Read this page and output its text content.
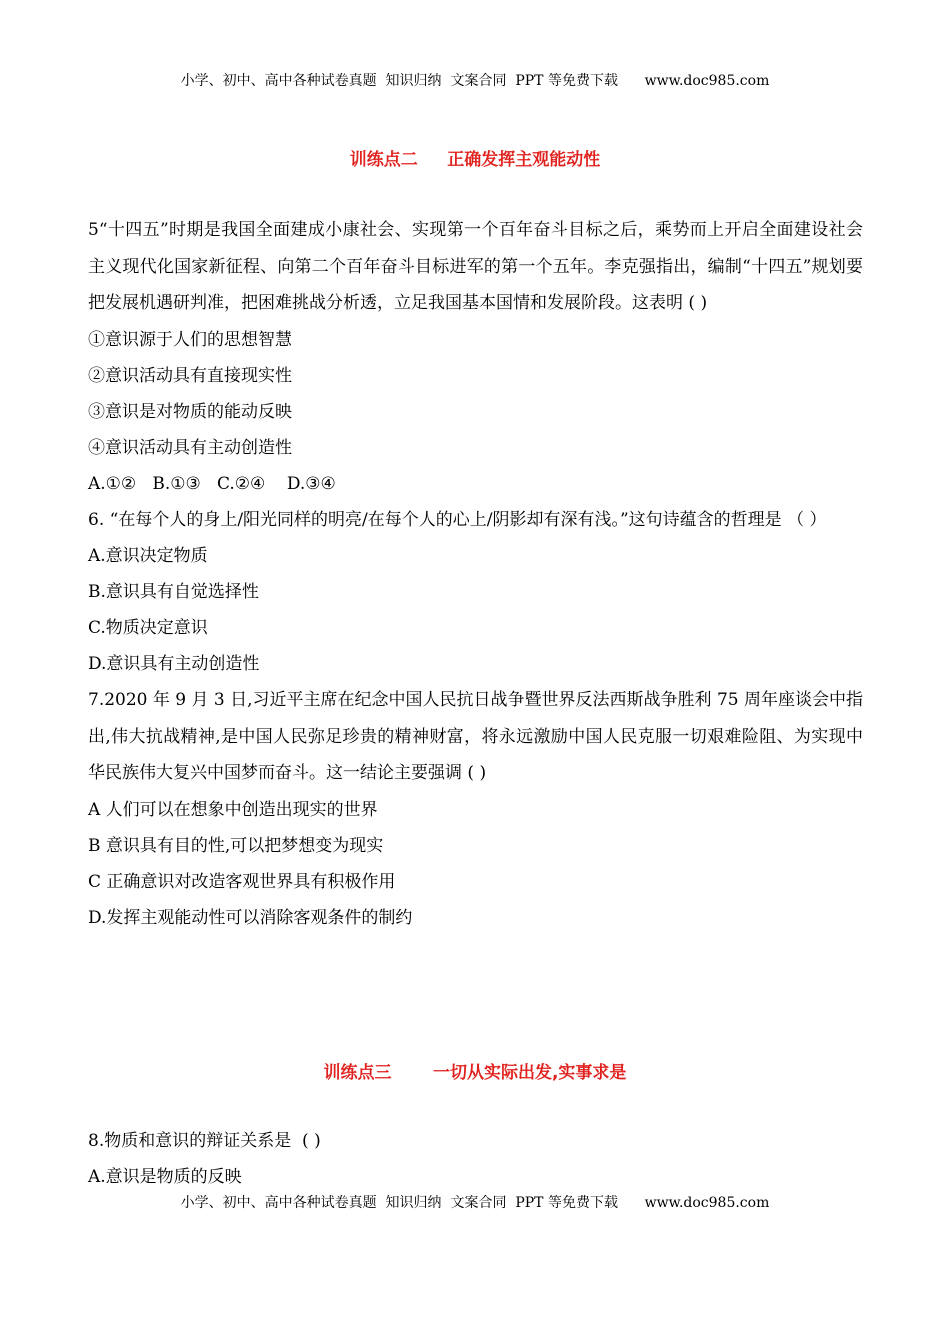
小学、初中、高中各种试卷真题  知识归纳  文案合同  PPT 等免费下载      www.doc985.com
训练点二     正确发挥主观能动性
5“十四五”时期是我国全面建成小康社会、实现第一个百年奋斗目标之后，乘势而上开启全面建设社会主义现代化国家新征程、向第二个百年奋斗目标进军的第一个五年。李克强指出，编制“十四五”规划要把发展机遇研判准，把困难挑战分析透，立足我国基本国情和发展阶段。这表明 ( )
①意识源于人们的思想智慧
②意识活动具有直接现实性
③意识是对物质的能动反映
④意识活动具有主动创造性
A.①②   B.①③   C.②④    D.③④
6. “在每个人的身上/阳光同样的明亮/在每个人的心上/阴影却有深有浅。”这句诗蕴含的哲理是 （ ）
A.意识决定物质
B.意识具有自觉选择性
C.物质决定意识
D.意识具有主动创造性
7.2020 年 9 月 3 日,习近平主席在纪念中国人民抗日战争暨世界反法西斯战争胜利 75 周年座谈会中指出,伟大抗战精神,是中国人民弥足珍贵的精神财富，将永远激励中国人民克服一切艰难险阻、为实现中华民族伟大复兴中国梦而奋斗。这一结论主要强调 ( )
A 人们可以在想象中创造出现实的世界
B 意识具有目的性,可以把梦想变为现实
C 正确意识对改造客观世界具有积极作用
D.发挥主观能动性可以消除客观条件的制约
训练点三       一切从实际出发,实事求是
8.物质和意识的辩证关系是  ( )
A.意识是物质的反映
小学、初中、高中各种试卷真题  知识归纳  文案合同  PPT 等免费下载      www.doc985.com
